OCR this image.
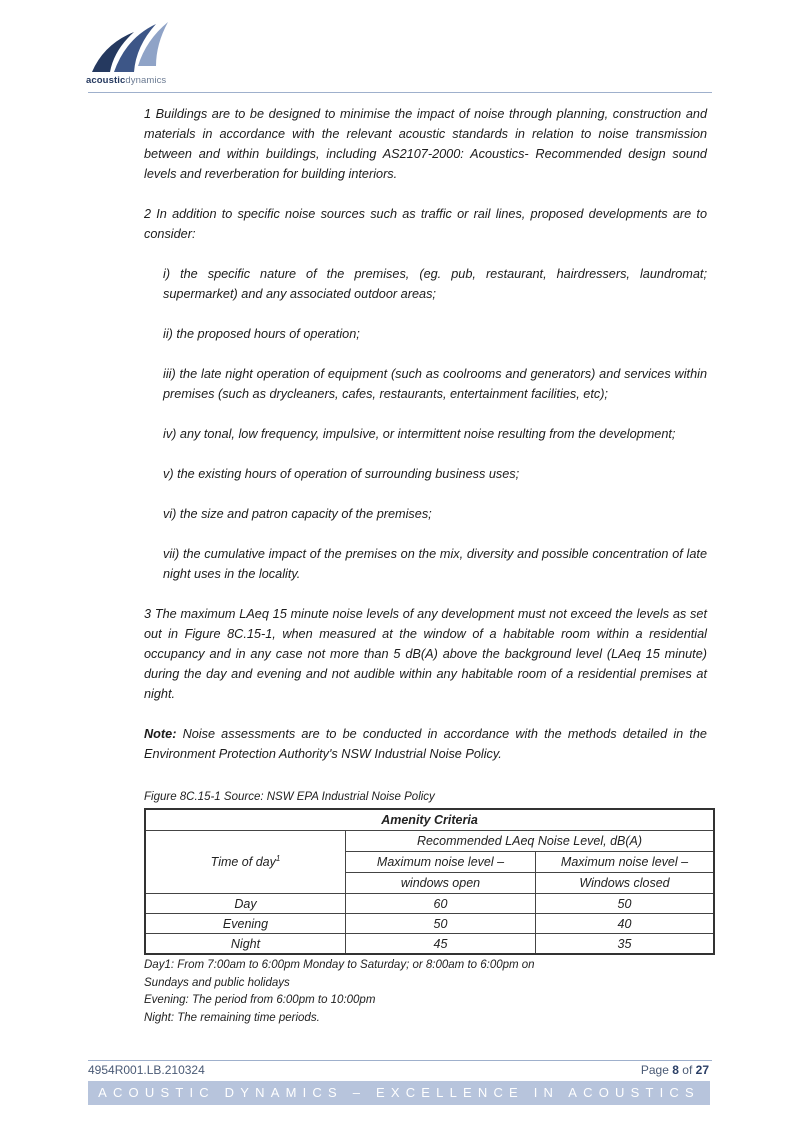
acousticdynamics

1 Buildings are to be designed to minimise the impact of noise through planning, construction and materials in accordance with the relevant acoustic standards in relation to noise transmission between and within buildings, including AS2107-2000: Acoustics- Recommended design sound levels and reverberation for building interiors.

2 In addition to specific noise sources such as traffic or rail lines, proposed developments are to consider:

i) the specific nature of the premises, (eg. pub, restaurant, hairdressers, laundromat; supermarket) and any associated outdoor areas;

ii) the proposed hours of operation;

iii) the late night operation of equipment (such as coolrooms and generators) and services within premises (such as drycleaners, cafes, restaurants, entertainment facilities, etc);

iv) any tonal, low frequency, impulsive, or intermittent noise resulting from the development;

v) the existing hours of operation of surrounding business uses;

vi) the size and patron capacity of the premises;

vii) the cumulative impact of the premises on the mix, diversity and possible concentration of late night uses in the locality.

3 The maximum LAeq 15 minute noise levels of any development must not exceed the levels as set out in Figure 8C.15-1, when measured at the window of a habitable room within a residential occupancy and in any case not more than 5 dB(A) above the background level (LAeq 15 minute) during the day and evening and not audible within any habitable room of a residential premises at night.

Note: Noise assessments are to be conducted in accordance with the methods detailed in the Environment Protection Authority's NSW Industrial Noise Policy.

Figure 8C.15-1 Source: NSW EPA Industrial Noise Policy
Amenity Criteria		
Time of day$^1$	Recommended LAeq Noise Level, dB(A)	
	Maximum noise level –	Maximum noise level –
	windows open	Windows closed
Day	60	50
Evening	50	40
Night	45	35
Day1: From 7:00am to 6:00pm Monday to Saturday; or 8:00am to 6:00pm on
Sundays and public holidays
Evening: The period from 6:00pm to 10:00pm
Night: The remaining time periods.
4954R001.LB.210324	Page 8 of 27
ACOUSTIC DYNAMICS – EXCELLENCE IN ACOUSTICS
